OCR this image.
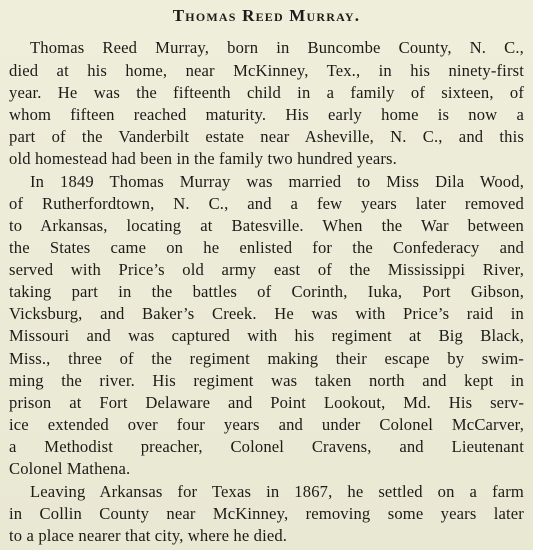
Thomas Reed Murray.
Thomas Reed Murray, born in Buncombe County, N. C.,
died at his home, near McKinney, Tex., in his ninety-first
year. He was the fifteenth child in a family of sixteen, of
whom fifteen reached maturity. His early home is now a
part of the Vanderbilt estate near Asheville, N. C., and this
old homestead had been in the family two hundred years.
In 1849 Thomas Murray was married to Miss Dila Wood,
of Rutherfordtown, N. C., and a few years later removed
to Arkansas, locating at Batesville. When the War between
the States came on he enlisted for the Confederacy and
served with Price’s old army east of the Mississippi River,
taking part in the battles of Corinth, Iuka, Port Gibson,
Vicksburg, and Baker’s Creek. He was with Price’s raid in
Missouri and was captured with his regiment at Big Black,
Miss., three of the regiment making their escape by swim-
ming the river. His regiment was taken north and kept in
prison at Fort Delaware and Point Lookout, Md. His serv-
ice extended over four years and under Colonel McCarver,
a Methodist preacher, Colonel Cravens, and Lieutenant
Colonel Mathena.
Leaving Arkansas for Texas in 1867, he settled on a farm
in Collin County near McKinney, removing some years later
to a place nearer that city, where he died.
